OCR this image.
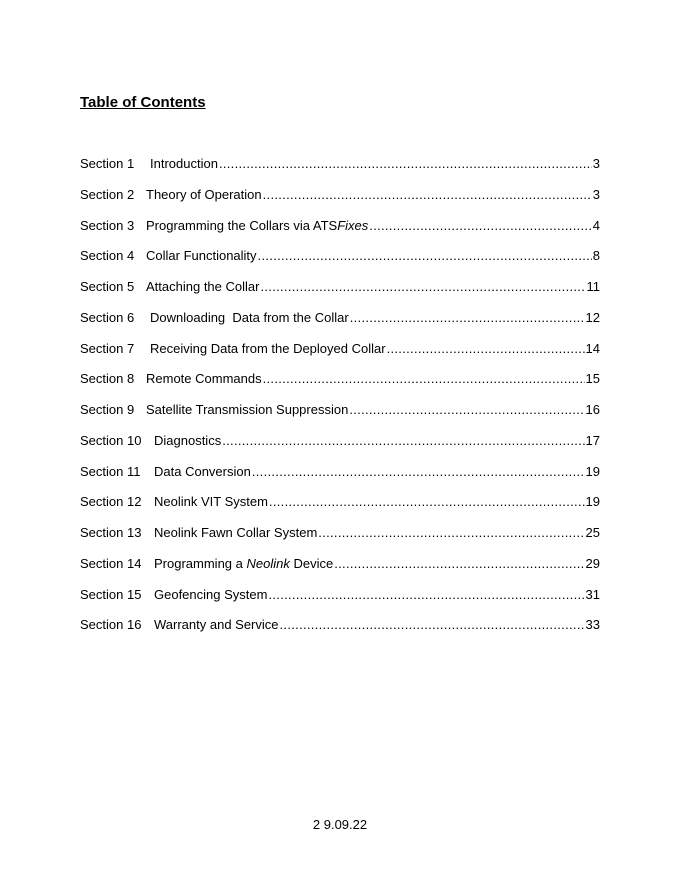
Table of Contents
Section 1	Introduction .....	3
Section 2 Theory of Operation .....	3
Section 3 Programming the Collars via ATSFixes .....	4
Section 4 Collar Functionality .....	8
Section 5 Attaching the Collar .....	11
Section 6	Downloading  Data from the Collar .....	12
Section 7	Receiving Data from the Deployed Collar .....	14
Section 8 Remote Commands .....	15
Section 9 Satellite Transmission Suppression .....	16
Section 10 Diagnostics .....	17
Section 11	Data Conversion .....	19
Section 12 Neolink VIT System .....	19
Section 13 Neolink Fawn Collar System .....	25
Section 14 Programming a Neolink Device .....	29
Section 15 Geofencing System .....	31
Section 16 Warranty and Service .....	33
2 9.09.22
